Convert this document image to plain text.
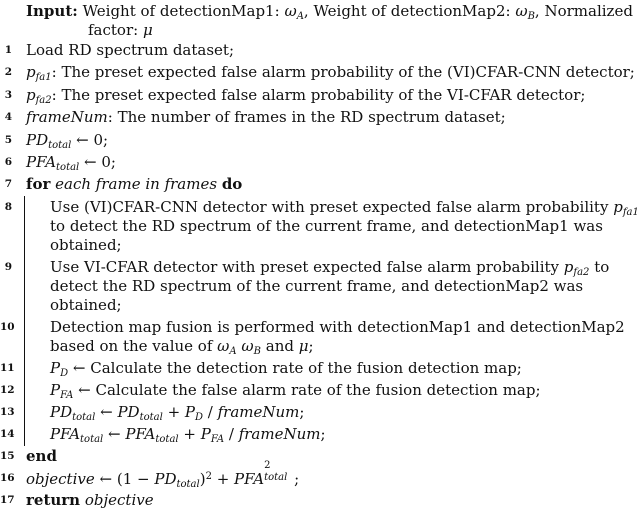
Input: Weight of detectionMap1: $\omega_A$, Weight of detectionMap2: $\omega_B$, Normalized
factor: μ
1 Load RD spectrum dataset;
2 $p_{fa1}$: The preset expected false alarm probability of the (VI)CFAR-CNN detector;
3 $p_{fa2}$: The preset expected false alarm probability of the VI-CFAR detector;
4 frameNum: The number of frames in the RD spectrum dataset;
5 $PD_{total}$ ← 0;
6 $PFA_{total}$ ← 0;
7 for each frame in frames do
8	Use (VI)CFAR-CNN detector with preset expected false alarm probability $p_{fa1}$
to detect the RD spectrum of the current frame, and detectionMap1 was
obtained;
9	Use VI-CFAR detector with preset expected false alarm probability $p_{fa2}$ to
detect the RD spectrum of the current frame, and detectionMap2 was
obtained;
10 Detection map fusion is performed with detectionMap1 and detectionMap2
based on the value of $\omega_A$ $\omega_B$ and μ;
11 $P_D$ ← Calculate the detection rate of the fusion detection map;
12 $P_{FA}$ ← Calculate the false alarm rate of the fusion detection map;
13 $PD_{total}$ ← $PD_{total} + P_D$ / frameNum;
14 $PFA_{total}$ ← $PFA_{total} + P_{FA}$ / frameNum;
15 end
16 objective ← $(1 - PD_{total})^2$ + PFA
2
total ;
17 return objective
